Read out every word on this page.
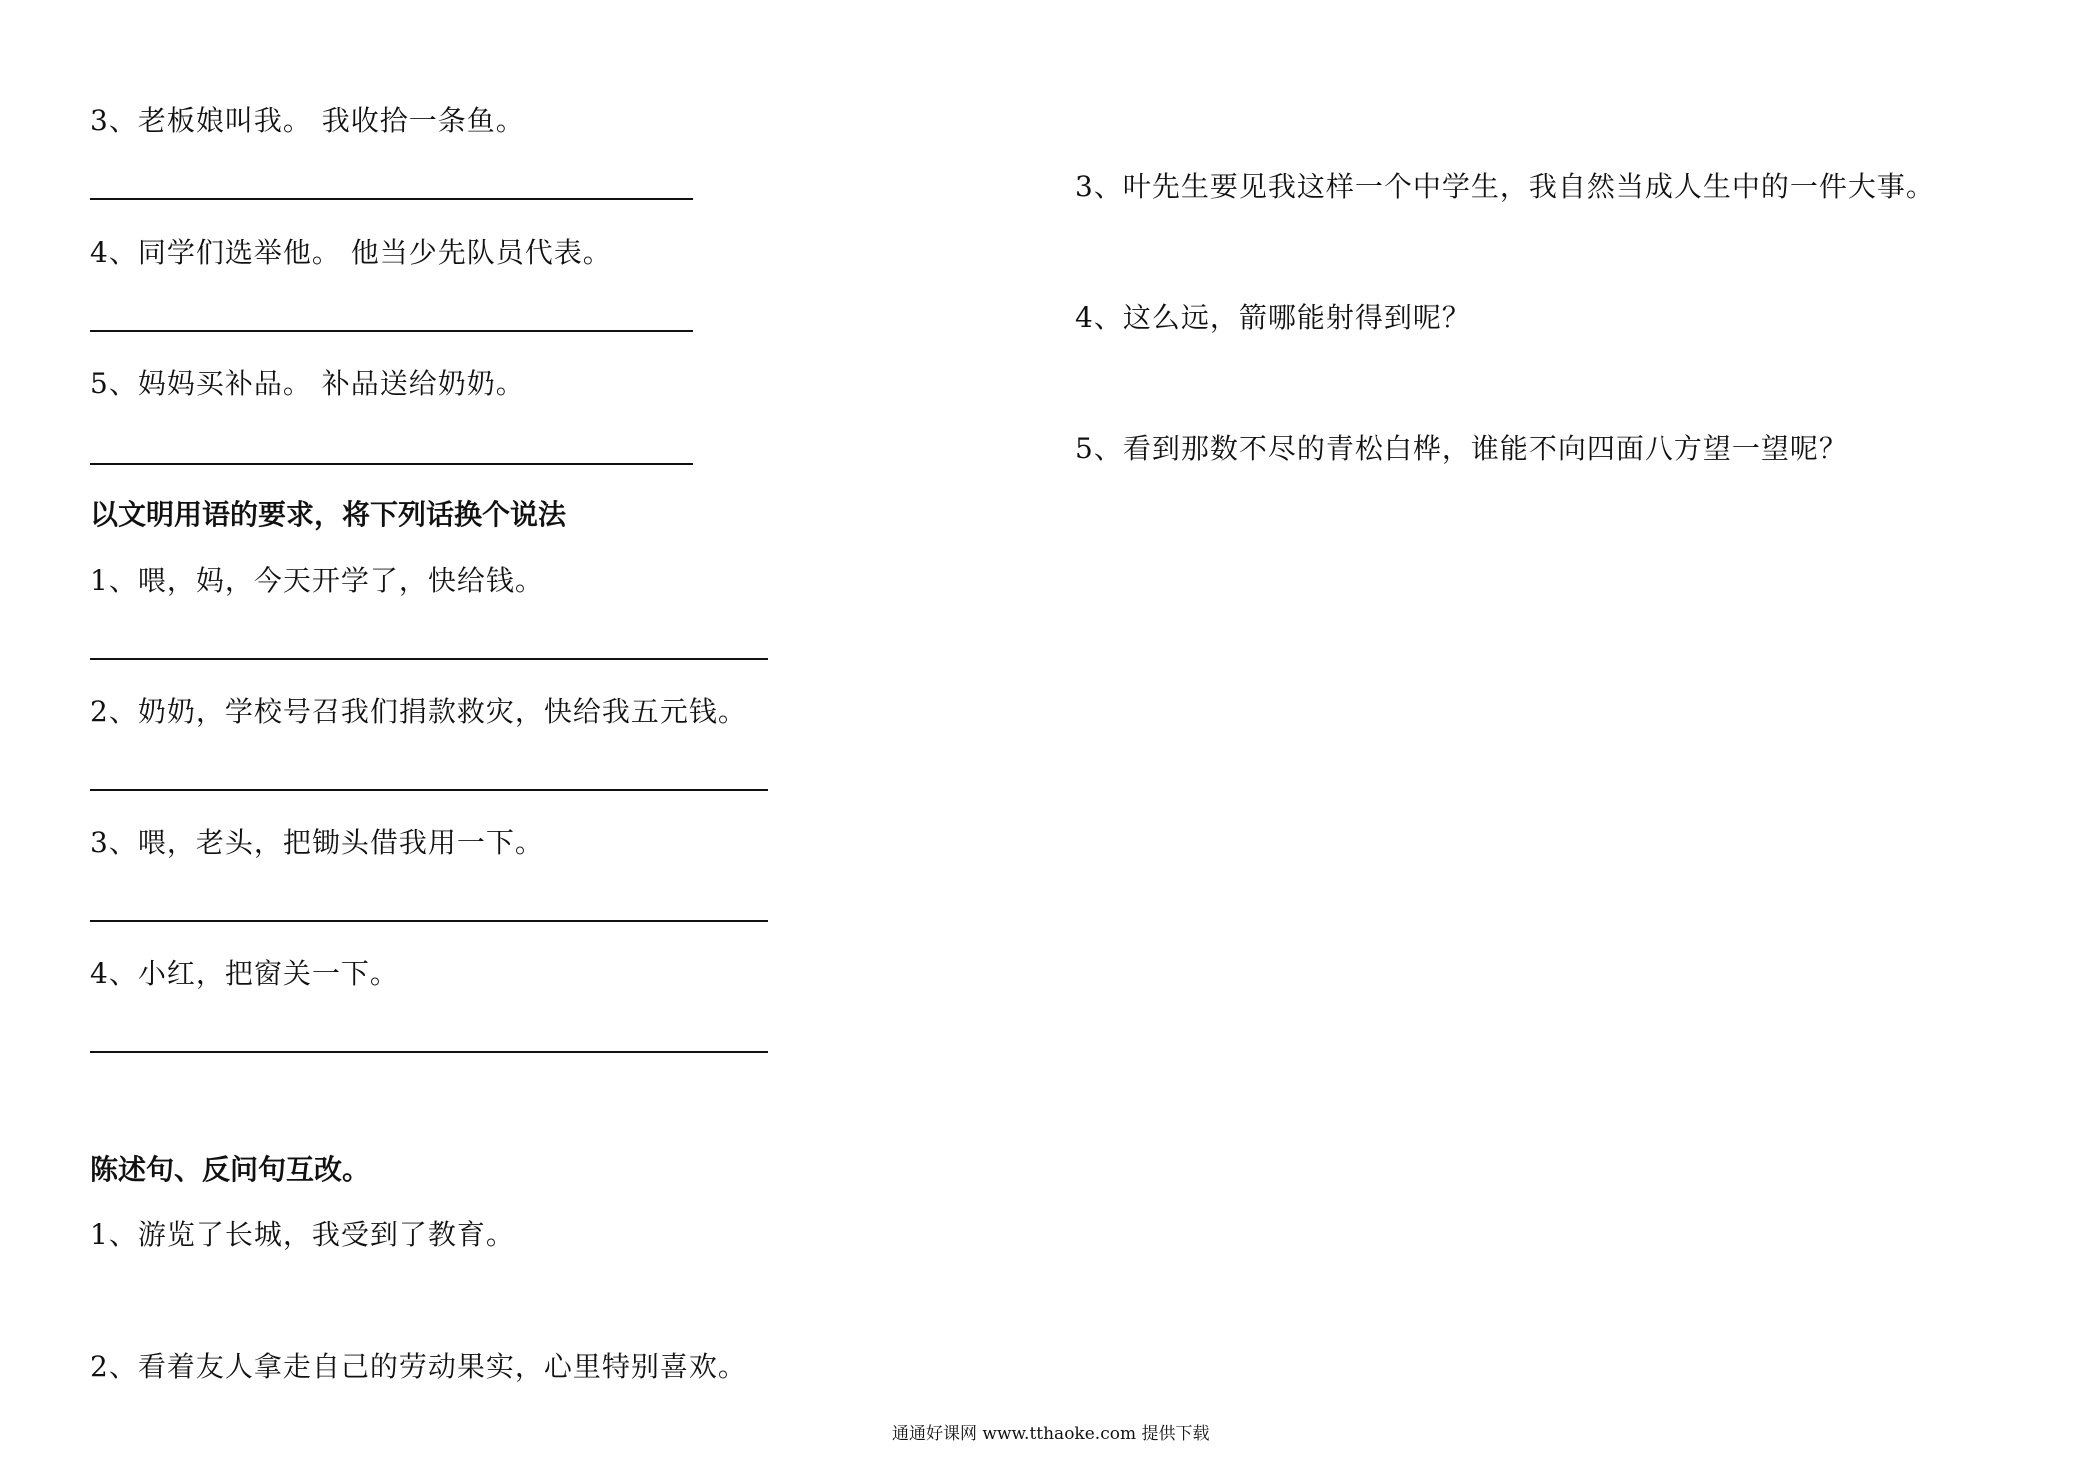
3、老板娘叫我。 我收拾一条鱼。
4、同学们选举他。 他当少先队员代表。
5、妈妈买补品。 补品送给奶奶。
以文明用语的要求，将下列话换个说法
1、喂，妈，今天开学了，快给钱。
2、奶奶，学校号召我们捐款救灾，快给我五元钱。
3、喂，老头，把锄头借我用一下。
4、小红，把窗关一下。
陈述句、反问句互改。
1、游览了长城，我受到了教育。
2、看着友人拿走自己的劳动果实，心里特别喜欢。
3、叶先生要见我这样一个中学生，我自然当成人生中的一件大事。
4、这么远，箭哪能射得到呢？
5、看到那数不尽的青松白桦，谁能不向四面八方望一望呢？
通通好课网 www.tthaoke.com 提供下载
